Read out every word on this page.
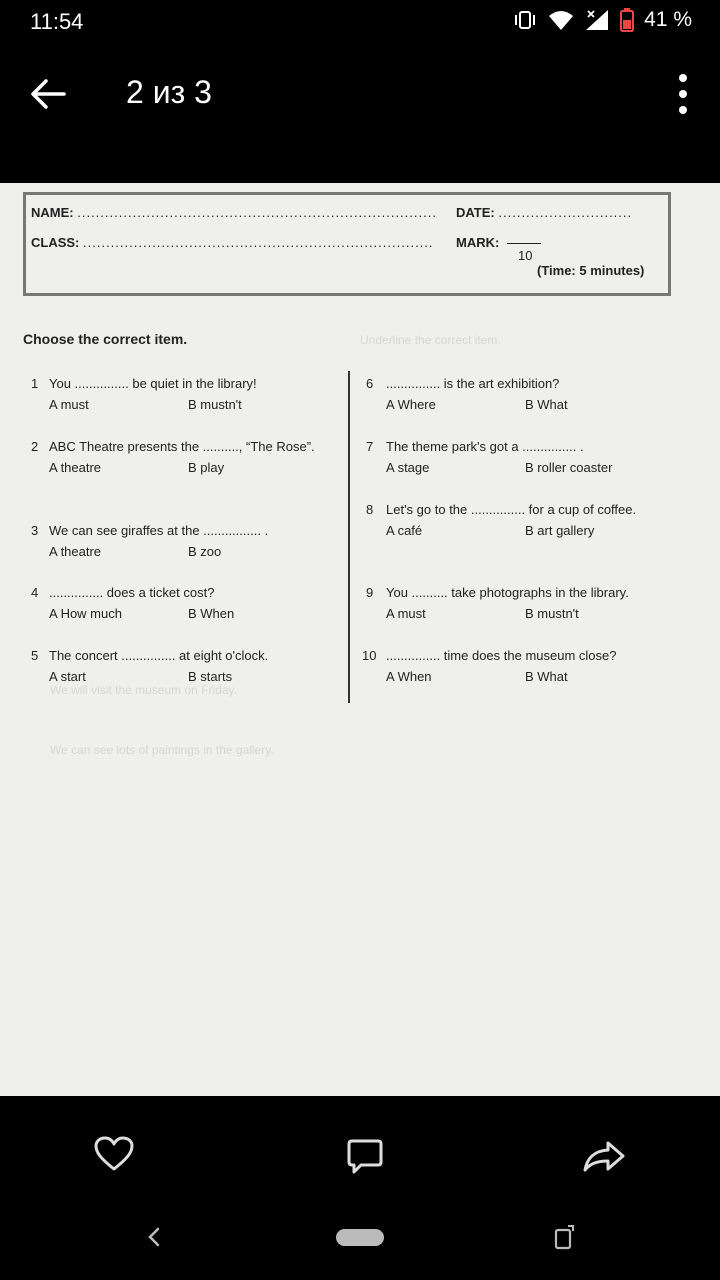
11:54	41 %
2 из 3
NAME: ..............................................................................
CLASS: ............................................................................
DATE: .............................
MARK:
10
(Time: 5 minutes)
Choose the correct item.	Underline the correct item.
We will visit the museum on Friday.
We can see lots of paintings in the gallery.
1 You ............... be quiet in the library!
A must	B mustn't
2 ABC Theatre presents the .........., “The Rose”.
A theatre	B play
3 We can see giraffes at the ................ .
A theatre	B zoo
4 ............... does a ticket cost?
A How much	B When
5 The concert ............... at eight o'clock.
A start	B starts
6 ............... is the art exhibition?
A Where	B What
7 The theme park's got a ............... .
A stage	B roller coaster
8 Let's go to the ............... for a cup of coffee.
A café	B art gallery
9 You .......... take photographs in the library.
A must	B mustn't
10 ............... time does the museum close?
A When	B What
